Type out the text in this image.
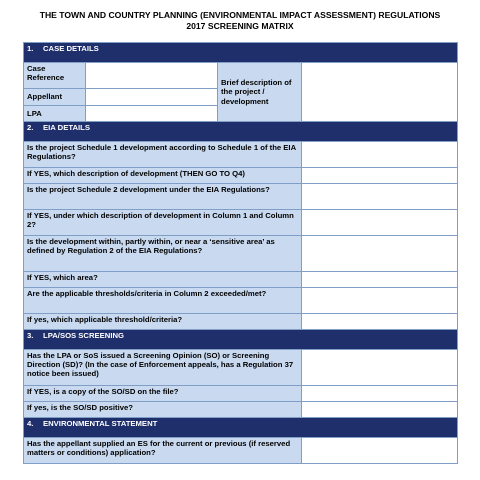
THE TOWN AND COUNTRY PLANNING (ENVIRONMENTAL IMPACT ASSESSMENT) REGULATIONS
2017 SCREENING MATRIX
1. CASE DETAILS			
Case Reference		Brief description of the project / development	
Appellant			
LPA			
2. EIA DETAILS			
Is the project Schedule 1 development according to Schedule 1 of the EIA Regulations?			
If YES, which description of development (THEN GO TO Q4)			
Is the project Schedule 2 development under the EIA Regulations?			
If YES, under which description of development in Column 1 and Column 2?			
Is the development within, partly within, or near a ‘sensitive area’ as defined by Regulation 2 of the EIA Regulations?			
If YES, which area?			
Are the applicable thresholds/criteria in Column 2 exceeded/met?			
If yes, which applicable threshold/criteria?			
3. LPA/SOS SCREENING			
Has the LPA or SoS issued a Screening Opinion (SO) or Screening Direction (SD)? (In the case of Enforcement appeals, has a Regulation 37 notice been issued)			
If YES, is a copy of the SO/SD on the file?			
If yes, is the SO/SD positive?			
4. ENVIRONMENTAL STATEMENT			
Has the appellant supplied an ES for the current or previous (if reserved matters or conditions) application?			
